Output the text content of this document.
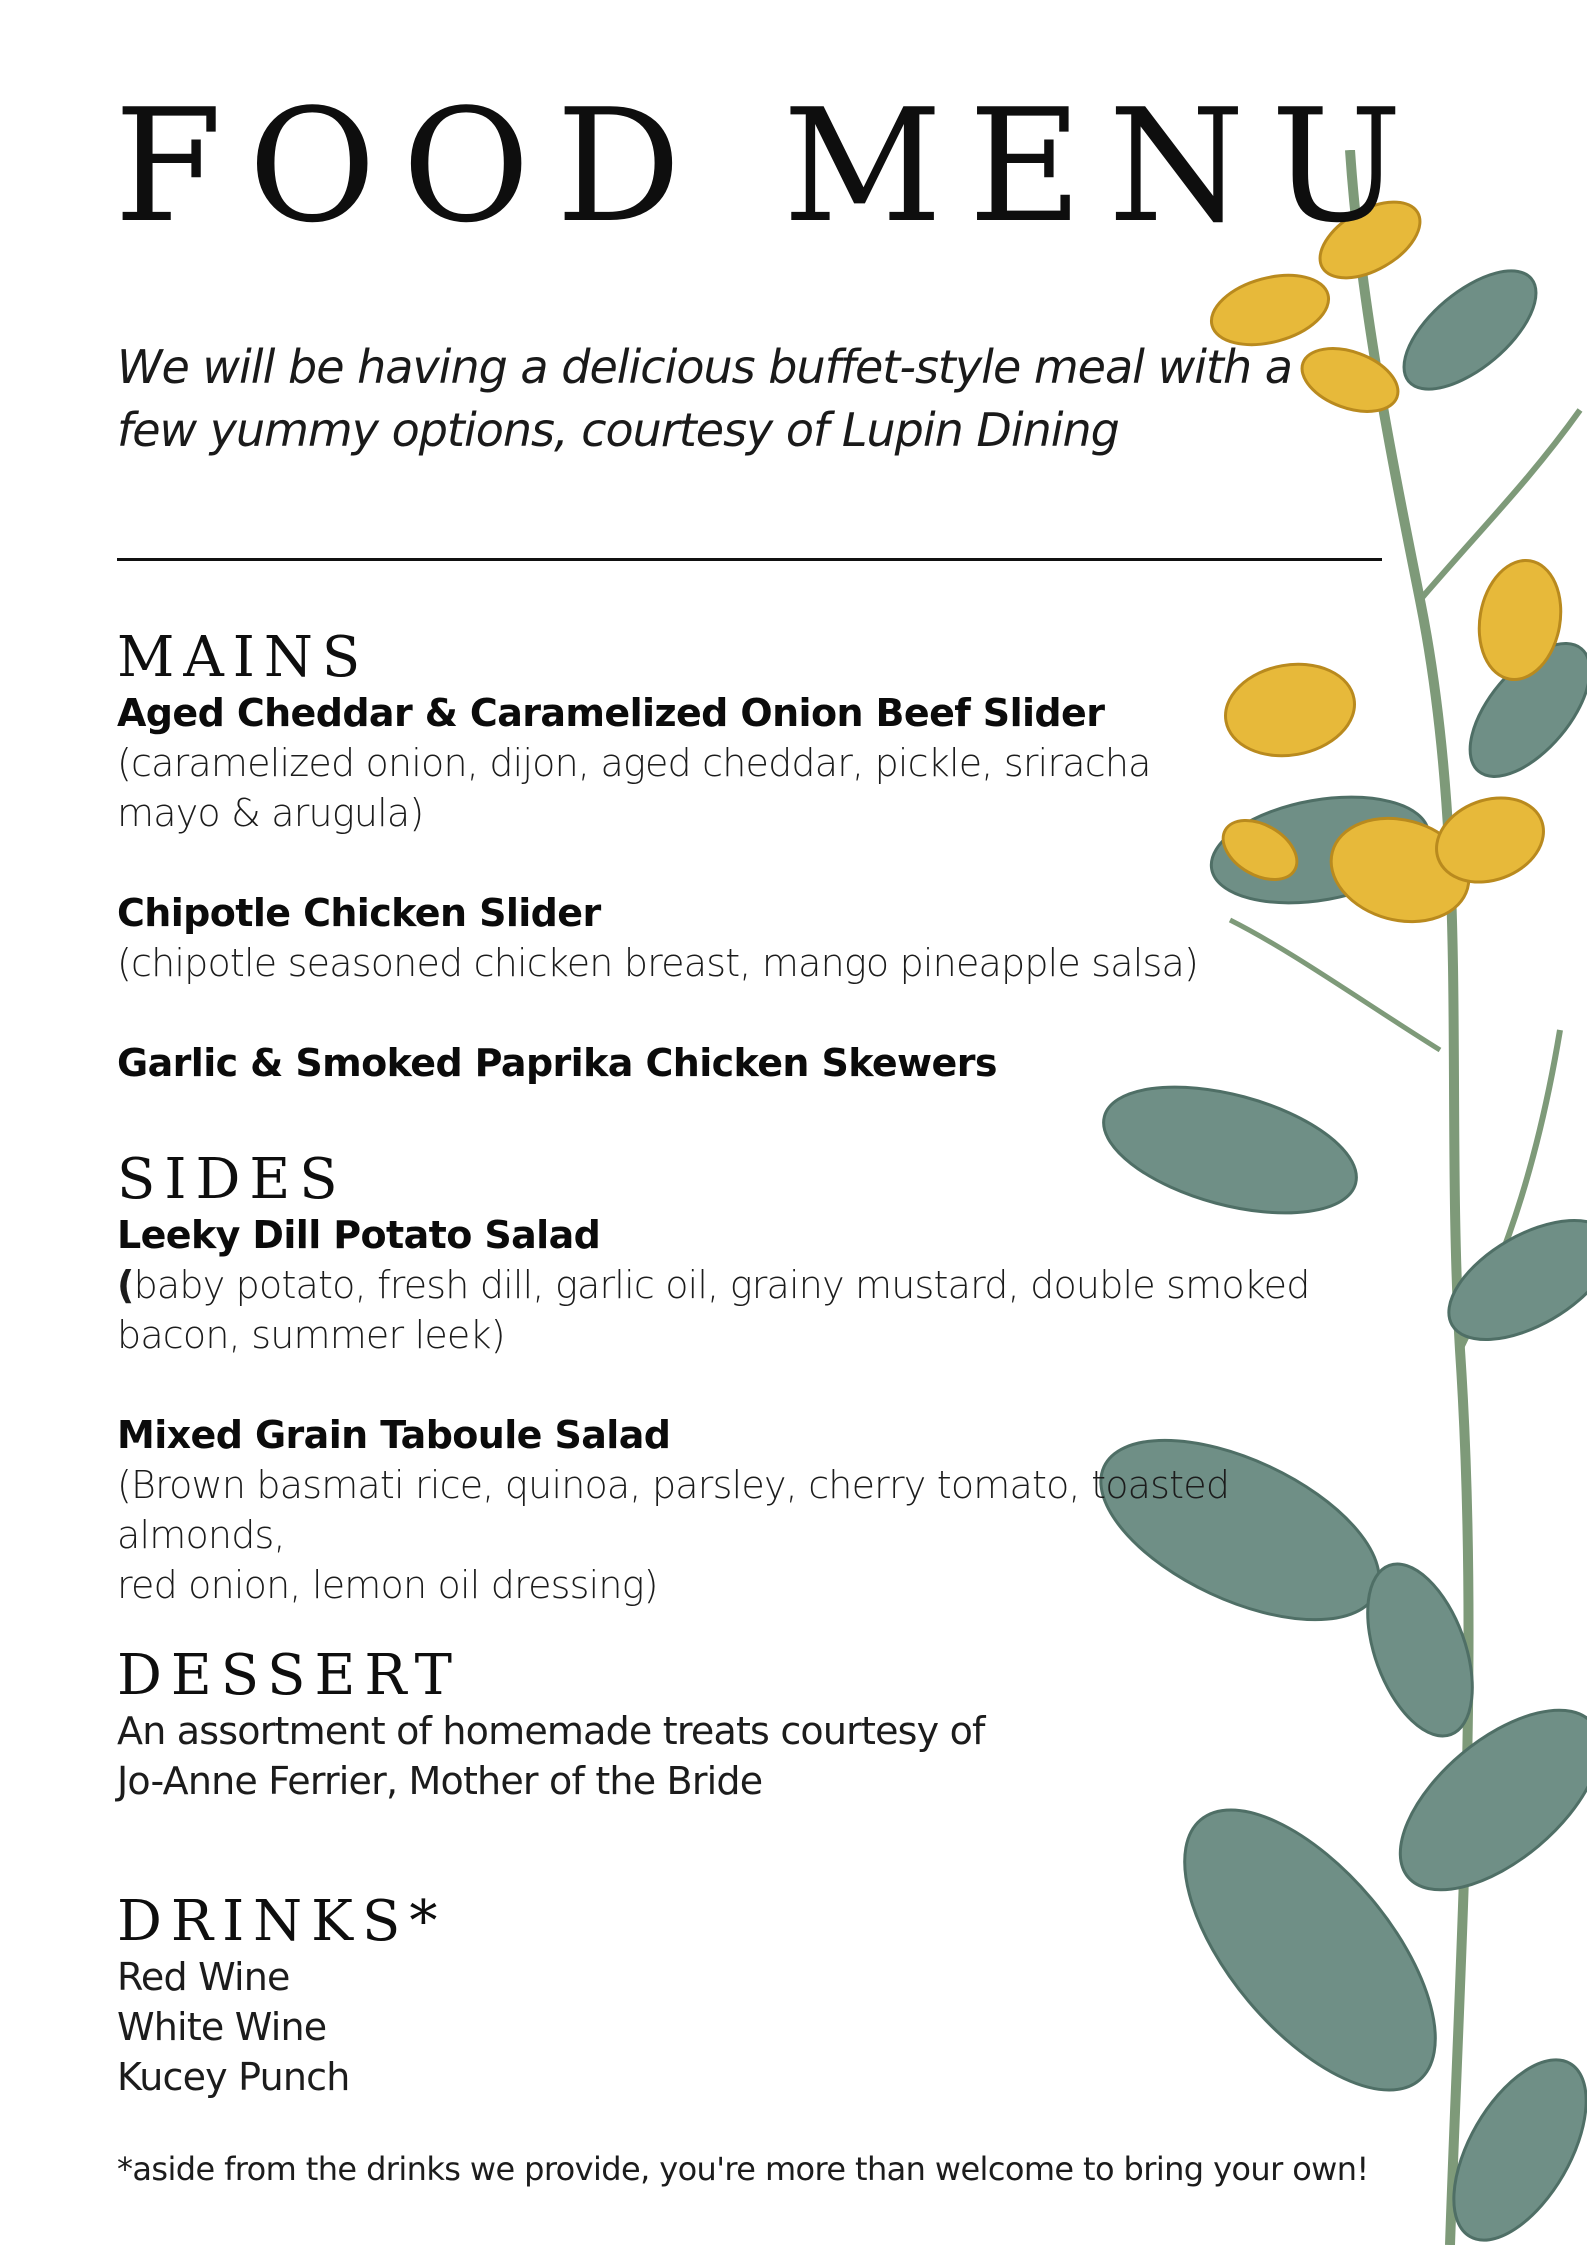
FOOD MENU

We will be having a delicious buffet-style meal with a few yummy options, courtesy of Lupin Dining

MAINS
Aged Cheddar & Caramelized Onion Beef Slider
(caramelized onion, dijon, aged cheddar, pickle, sriracha
mayo & arugula)
Chipotle Chicken Slider
(chipotle seasoned chicken breast, mango pineapple salsa)
Garlic & Smoked Paprika Chicken Skewers
SIDES
Leeky Dill Potato Salad
(baby potato, fresh dill, garlic oil, grainy mustard, double smoked
bacon, summer leek)
Mixed Grain Taboule Salad
(Brown basmati rice, quinoa, parsley, cherry tomato, toasted almonds,
red onion, lemon oil dressing)
DESSERT
An assortment of homemade treats courtesy of
Jo-Anne Ferrier, Mother of the Bride
DRINKS*
Red Wine
White Wine
Kucey Punch

*aside from the drinks we provide, you're more than welcome to bring your own!
